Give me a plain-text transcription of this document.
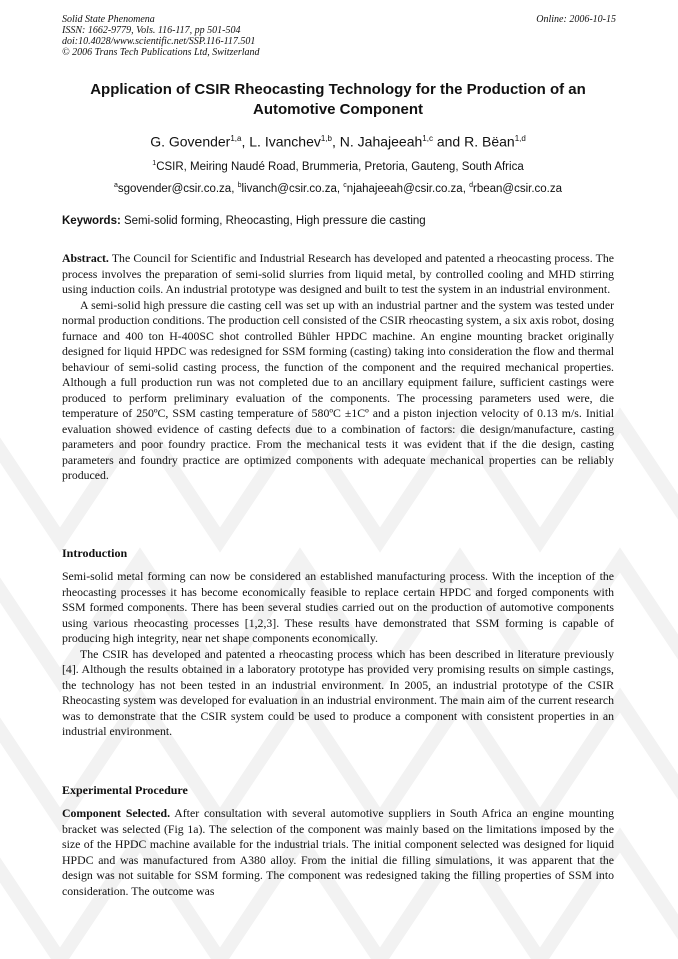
Solid State Phenomena
ISSN: 1662-9779, Vols. 116-117, pp 501-504
doi:10.4028/www.scientific.net/SSP.116-117.501
© 2006 Trans Tech Publications Ltd, Switzerland
Online: 2006-10-15
Application of CSIR Rheocasting Technology for the Production of an Automotive Component
G. Govender$^{1,a}$, L. Ivanchev$^{1,b}$, N. Jahajeeah$^{1,c}$ and R. Bëan$^{1,d}$
$^1$CSIR, Meiring Naudé Road, Brummeria, Pretoria, Gauteng, South Africa
$^a$sgovender@csir.co.za, $^b$livanch@csir.co.za, $^c$njahajeeah@csir.co.za, $^d$rbean@csir.co.za
Keywords: Semi-solid forming, Rheocasting, High pressure die casting

Abstract. The Council for Scientific and Industrial Research has developed and patented a rheocasting process. The process involves the preparation of semi-solid slurries from liquid metal, by controlled cooling and MHD stirring using induction coils. An industrial prototype was designed and built to test the system in an industrial environment.

A semi-solid high pressure die casting cell was set up with an industrial partner and the system was tested under normal production conditions. The production cell consisted of the CSIR rheocasting system, a six axis robot, dosing furnace and 400 ton H-400SC shot controlled Bühler HPDC machine. An engine mounting bracket originally designed for liquid HPDC was redesigned for SSM forming (casting) taking into consideration the flow and thermal behaviour of semi-solid casting process, the function of the component and the required mechanical properties. Although a full production run was not completed due to an ancillary equipment failure, sufficient castings were produced to perform preliminary evaluation of the components. The processing parameters used were, die temperature of 250ºC, SSM casting temperature of 580ºC ±1Cº and a piston injection velocity of 0.13 m/s. Initial evaluation showed evidence of casting defects due to a combination of factors: die design/manufacture, casting parameters and poor foundry practice. From the mechanical tests it was evident that if the die design, casting parameters and foundry practice are optimized components with adequate mechanical properties can be reliably produced.

Introduction

Semi-solid metal forming can now be considered an established manufacturing process. With the inception of the rheocasting processes it has become economically feasible to replace certain HPDC and forged components with SSM formed components. There has been several studies carried out on the production of automotive components using various rheocasting processes [1,2,3]. These results have demonstrated that SSM forming is capable of producing high integrity, near net shape components economically.

The CSIR has developed and patented a rheocasting process which has been described in literature previously [4]. Although the results obtained in a laboratory prototype has provided very promising results on simple castings, the technology has not been tested in an industrial environment. In 2005, an industrial prototype of the CSIR Rheocasting system was developed for evaluation in an industrial environment. The main aim of the current research was to demonstrate that the CSIR system could be used to produce a component with consistent properties in an industrial environment.

Experimental Procedure

Component Selected. After consultation with several automotive suppliers in South Africa an engine mounting bracket was selected (Fig 1a). The selection of the component was mainly based on the limitations imposed by the size of the HPDC machine available for the industrial trials. The initial component selected was designed for liquid HPDC and was manufactured from A380 alloy. From the initial die filling simulations, it was apparent that the design was not suitable for SSM forming. The component was redesigned taking the filling properties of SSM into consideration. The outcome was
